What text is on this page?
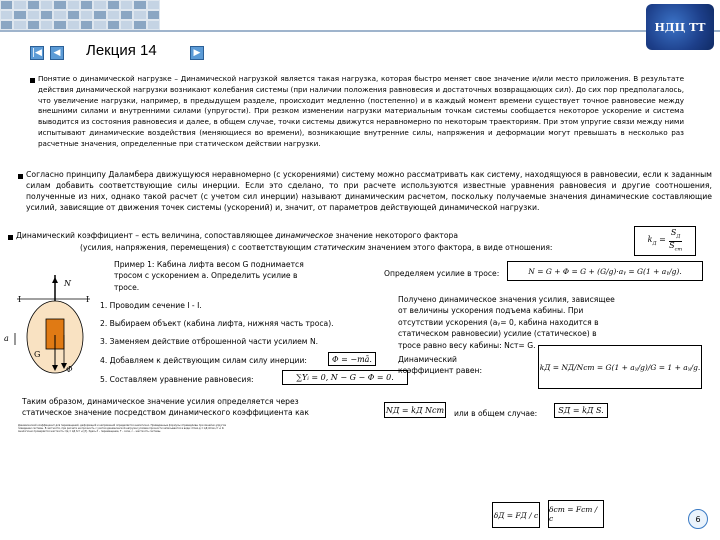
НДЦ ТТ
|◀ ◀ Лекция 14	▶
Понятие о динамической нагрузке – Динамической нагрузкой является такая нагрузка, которая быстро меняет свое значение и/или место приложения. В результате действия динамической нагрузки возникают колебания системы (при наличии положения равновесия и достаточных возвращающих сил). До сих пор предполагалось, что увеличение нагрузки, например, в предыдущем разделе, происходит медленно (постепенно) и в каждый момент времени существует точное равновесие между внешними силами и внутренними силами (упругости). При резком изменении нагрузки материальным точкам системы сообщается некоторое ускорение и система выводится из состояния равновесия и далее, в общем случае, точки системы движутся неравномерно по некоторым траекториям. При этом упругие связи между ними испытывают динамические воздействия (меняющиеся во времени), возникающие внутренние силы, напряжения и деформации могут превышать в несколько раз расчетные значения, определенные при статическом действии нагрузки.
Согласно принципу Даламбера движущуюся неравномерно (с ускорениями) систему можно рассматривать как систему, находящуюся в равновесии, если к заданным силам добавить соответствующие силы инерции. Если это сделано, то при расчете используются известные уравнения равновесия и другие соотношения, полученные из них, однако такой расчет (с учетом сил инерции) называют динамическим расчетом, поскольку получаемые значения динамические составляющие усилий, зависящие от движения точек системы (ускорений) и, значит, от параметров действующей динамической нагрузки.
Динамический коэффициент – есть величина, сопоставляющее динамическое значение некоторого фактора
(усилия, напряжения, перемещения) с соответствующим статическим значением этого фактора, в виде отношения:
$k_Д = \frac{S_Д}{S_{ст}}$
I	I
N
a
G
Φ
Пример 1: Кабина лифта весом G поднимается тросом с ускорением a. Определить усилие в тросе.
1. Проводим сечение I - I.
2. Выбираем объект (кабина лифта, нижняя часть троса).
3. Заменяем действие отброшенной части усилием N.
4. Добавляем к действующим силам силу инерции:	Φ = −mā.
5. Составляем уравнение равновесия:	∑Yᵢ = 0, N − G − Φ = 0.
Определяем усилие в тросе:	N = G + Φ = G + (G/g)·aᵧ = G(1 + aᵧ/g).
Получено динамическое значения усилия, зависящее от величины ускорения подъема кабины. При отсутствии ускорения (aᵧ= 0, кабина находится в статическом равновесии) усилие (статическое) в тросе равно весу кабины: Nст= G.
Динамический коэффициент равен:	kД = NД/Nст = G(1 + aᵧ/g)/G = 1 + aᵧ/g.
Таким образом, динамическое значение усилия определяется через
статическое значение посредством динамического коэффициента как	NД = kД Nст или в общем случае:	SД = kД S.
Динамический коэффициент для перемещений, деформаций и напряжений определяется аналогично. Приведенные формулы справедливы при линейно-упругом поведении системы. В частности, при расчете на прочность с учетом динамической нагрузки условие прочности записывается в виде: σmax,д = kД σmax,ст ≤ R. Аналогично проверяется жесткость: δд = kД δст ≤ [δ]. Здесь δ – перемещение, F – сила, c – жесткость системы.
δД = FД / c
δст = Fст / c	6
